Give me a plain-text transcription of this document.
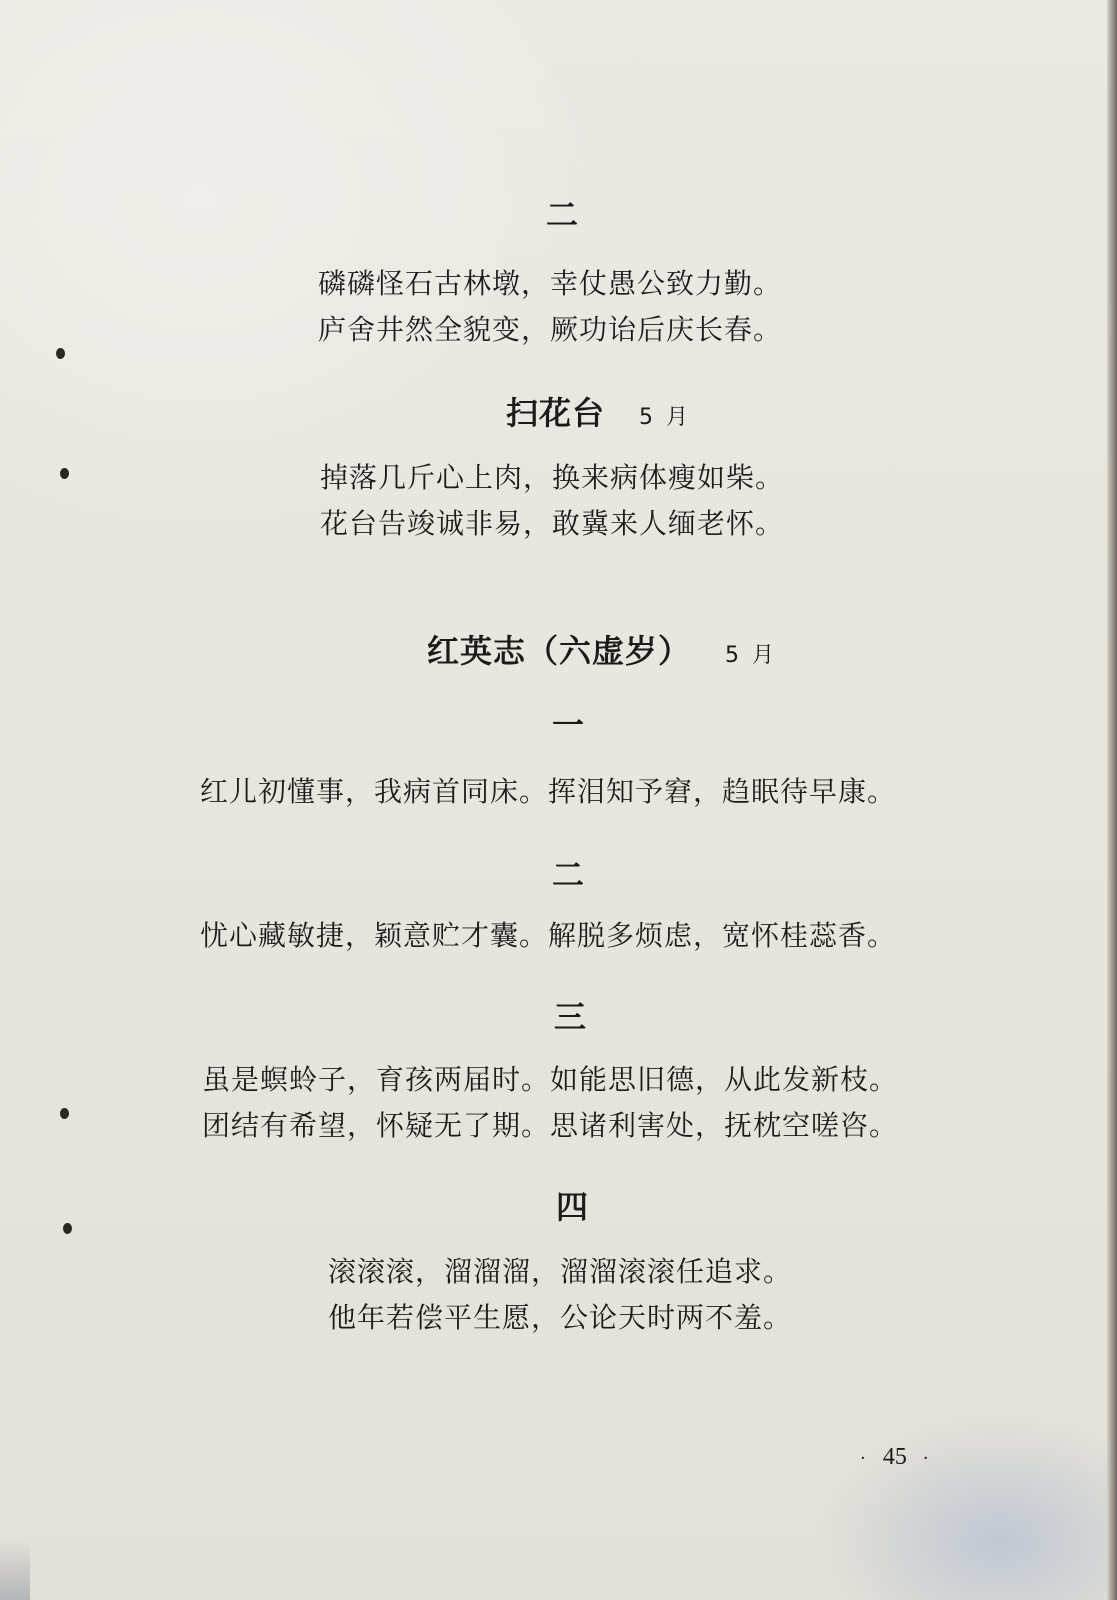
二
磷磷怪石古林墩，幸仗愚公致力勤。
庐舍井然全貌变，厥功诒后庆长春。
扫花台 5 月
掉落几斤心上肉，换来病体瘦如柴。
花台告竣诚非易，敢冀来人缅老怀。
红英志（六虚岁） 5 月
一
红儿初懂事，我病首同床。挥泪知予窘，趋眠待早康。
二
忧心藏敏捷，颖意贮才囊。解脱多烦虑，宽怀桂蕊香。
三
虽是螟蛉子，育孩两届时。如能思旧德，从此发新枝。
团结有希望，怀疑无了期。思诸利害处，抚枕空嗟咨。
四
滚滚滚，溜溜溜，溜溜滚滚任追求。
他年若偿平生愿，公论天时两不羞。
· 45 ·
